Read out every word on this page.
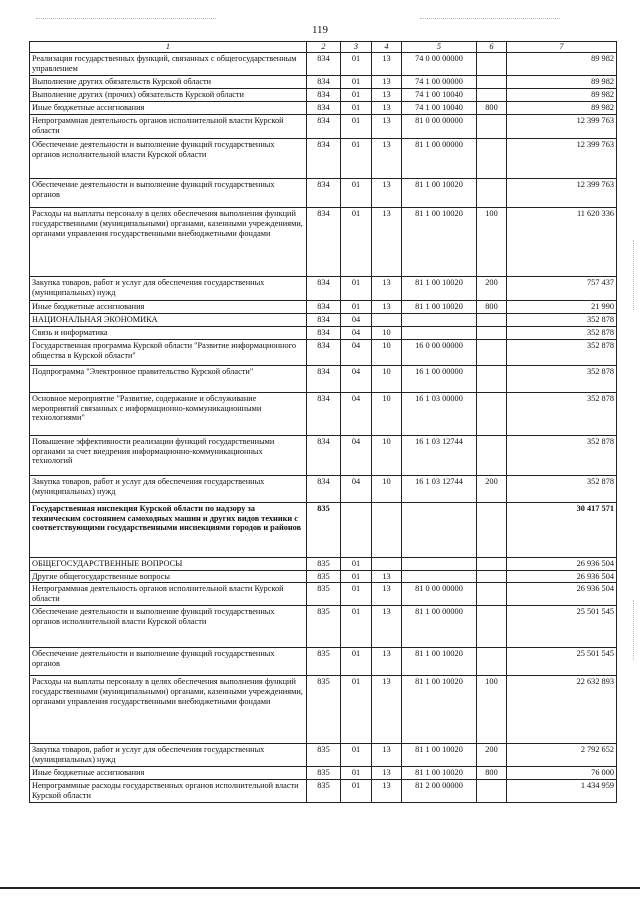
119
1	2	3	4	5	6	7
Реализация государственных функций, связанных с общегосударственным управлением	834	01	13	74 0 00 00000		89 982
Выполнение других обязательств Курской области	834	01	13	74 1 00 00000		89 982
Выполнение других (прочих) обязательств Курской области	834	01	13	74 1 00 10040		89 982
Иные бюджетные ассигнования	834	01	13	74 1 00 10040	800	89 982
Непрограммная деятельность органов исполнительной власти Курской области	834	01	13	81 0 00 00000		12 399 763
Обеспечение деятельности и выполнение функций государственных органов исполнительной власти Курской области	834	01	13	81 1 00 00000		12 399 763
Обеспечение деятельности и выполнение функций государственных органов	834	01	13	81 1 00 10020		12 399 763
Расходы на выплаты персоналу в целях обеспечения выполнения функций государственными (муниципальными) органами, казенными учреждениями, органами управления государственными внебюджетными фондами	834	01	13	81 1 00 10020	100	11 620 336
Закупка товаров, работ и услуг для обеспечения государственных (муниципальных) нужд	834	01	13	81 1 00 10020	200	757 437
Иные бюджетные ассигнования	834	01	13	81 1 00 10020	800	21 990
НАЦИОНАЛЬНАЯ ЭКОНОМИКА	834	04				352 878
Связь и информатика	834	04	10			352 878
Государственная программа Курской области "Развитие информационного общества в Курской области"	834	04	10	16 0 00 00000		352 878
Подпрограмма "Электронное правительство Курской области"	834	04	10	16 1 00 00000		352 878
Основное мероприятие "Развитие, содержание и обслуживание мероприятий связанных с информационно-коммуникационными технологиями"	834	04	10	16 1 03 00000		352 878
Повышение эффективности реализации функций государственными органами за счет внедрения информационно-коммуникационных технологий	834	04	10	16 1 03 12744		352 878
Закупка товаров, работ и услуг для обеспечения государственных (муниципальных) нужд	834	04	10	16 1 03 12744	200	352 878
Государственная инспекция Курской области по надзору за техническим состоянием самоходных машин и других видов техники с соответствующими государственными инспекциями городов и районов	835					30 417 571
ОБЩЕГОСУДАРСТВЕННЫЕ ВОПРОСЫ	835	01				26 936 504
Другие общегосударственные вопросы	835	01	13			26 936 504
Непрограммная деятельность органов исполнительной власти Курской области	835	01	13	81 0 00 00000		26 936 504
Обеспечение деятельности и выполнение функций государственных органов исполнительной власти Курской области	835	01	13	81 1 00 00000		25 501 545
Обеспечение деятельности и выполнение функций государственных органов	835	01	13	81 1 00 10020		25 501 545
Расходы на выплаты персоналу в целях обеспечения выполнения функций государственными (муниципальными) органами, казенными учреждениями, органами управления государственными внебюджетными фондами	835	01	13	81 1 00 10020	100	22 632 893
Закупка товаров, работ и услуг для обеспечения государственных (муниципальных) нужд	835	01	13	81 1 00 10020	200	2 792 652
Иные бюджетные ассигнования	835	01	13	81 1 00 10020	800	76 000
Непрограммные расходы государственных органов исполнительной власти Курской области	835	01	13	81 2 00 00000		1 434 959
